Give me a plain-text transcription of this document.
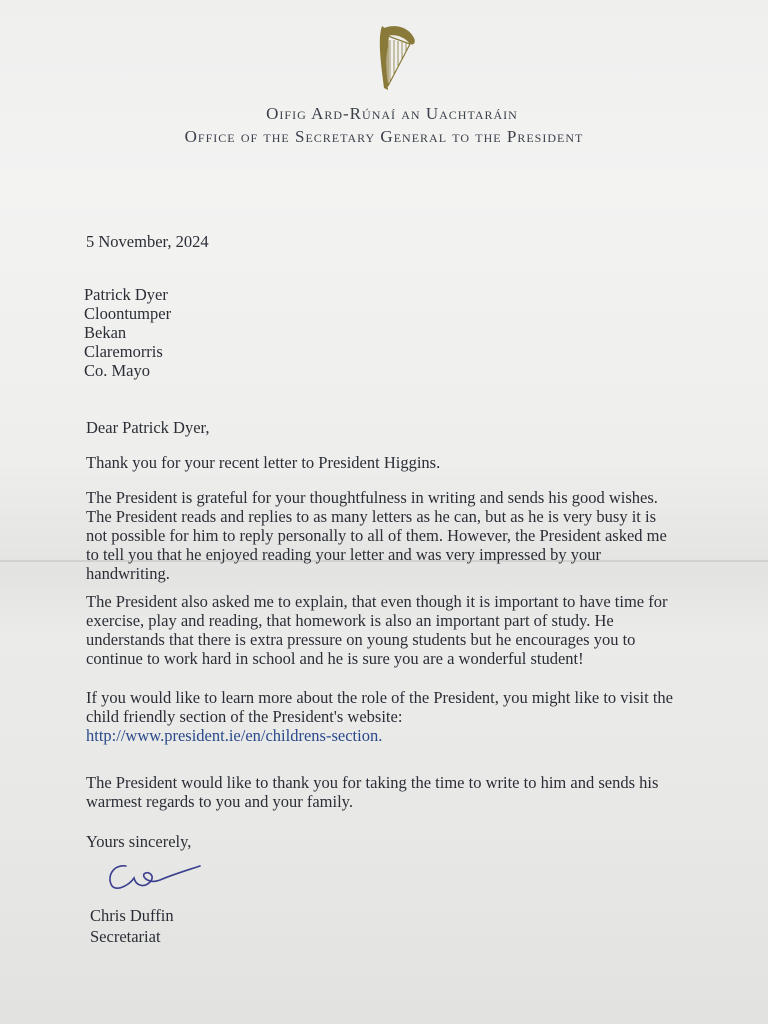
Oifig Ard-Rúnaí an Uachtaráin
Office of the Secretary General to the President
5 November, 2024
Patrick Dyer
Cloontumper
Bekan
Claremorris
Co. Mayo
Dear Patrick Dyer,
Thank you for your recent letter to President Higgins.
The President is grateful for your thoughtfulness in writing and sends his good wishes.
The President reads and replies to as many letters as he can, but as he is very busy it is
not possible for him to reply personally to all of them. However, the President asked me
to tell you that he enjoyed reading your letter and was very impressed by your
handwriting.
The President also asked me to explain, that even though it is important to have time for
exercise, play and reading, that homework is also an important part of study. He
understands that there is extra pressure on young students but he encourages you to
continue to work hard in school and he is sure you are a wonderful student!
If you would like to learn more about the role of the President, you might like to visit the
child friendly section of the President's website:
http://www.president.ie/en/childrens-section.
The President would like to thank you for taking the time to write to him and sends his
warmest regards to you and your family.
Yours sincerely,
Chris Duffin
Secretariat
